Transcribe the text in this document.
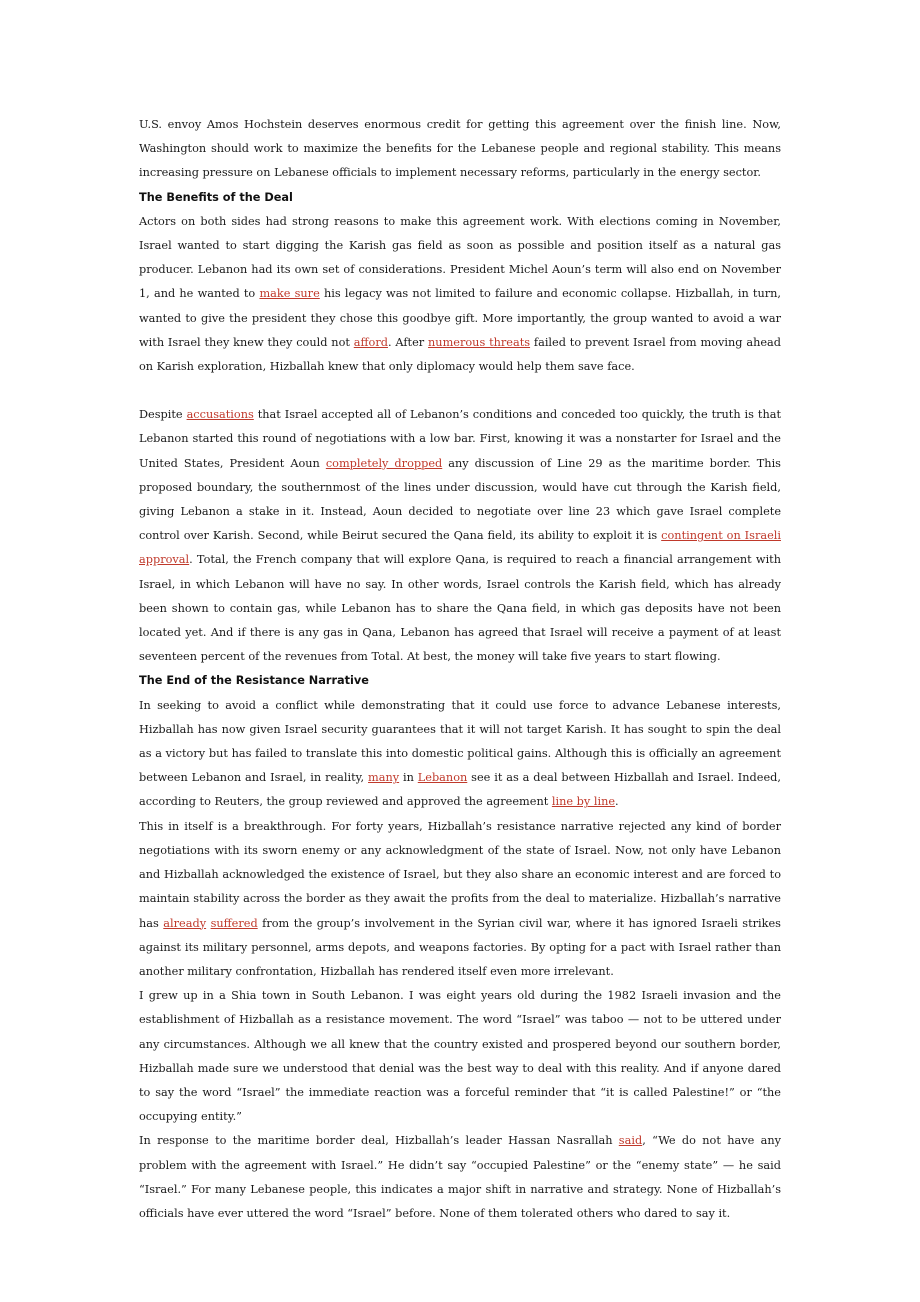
U.S. envoy Amos Hochstein deserves enormous credit for getting this agreement over the finish line. Now, Washington should work to maximize the benefits for the Lebanese people and regional stability. This means increasing pressure on Lebanese officials to implement necessary reforms, particularly in the energy sector.

The Benefits of the Deal

Actors on both sides had strong reasons to make this agreement work. With elections coming in November, Israel wanted to start digging the Karish gas field as soon as possible and position itself as a natural gas producer. Lebanon had its own set of considerations. President Michel Aoun’s term will also end on November 1, and he wanted to make sure his legacy was not limited to failure and economic collapse. Hizballah, in turn, wanted to give the president they chose this goodbye gift. More importantly, the group wanted to avoid a war with Israel they knew they could not afford. After numerous threats failed to prevent Israel from moving ahead on Karish exploration, Hizballah knew that only diplomacy would help them save face.

Despite accusations that Israel accepted all of Lebanon’s conditions and conceded too quickly, the truth is that Lebanon started this round of negotiations with a low bar. First, knowing it was a nonstarter for Israel and the United States, President Aoun completely dropped any discussion of Line 29 as the maritime border. This proposed boundary, the southernmost of the lines under discussion, would have cut through the Karish field, giving Lebanon a stake in it. Instead, Aoun decided to negotiate over line 23 which gave Israel complete control over Karish. Second, while Beirut secured the Qana field, its ability to exploit it is contingent on Israeli approval. Total, the French company that will explore Qana, is required to reach a financial arrangement with Israel, in which Lebanon will have no say. In other words, Israel controls the Karish field, which has already been shown to contain gas, while Lebanon has to share the Qana field, in which gas deposits have not been located yet. And if there is any gas in Qana, Lebanon has agreed that Israel will receive a payment of at least seventeen percent of the revenues from Total. At best, the money will take five years to start flowing.

The End of the Resistance Narrative

In seeking to avoid a conflict while demonstrating that it could use force to advance Lebanese interests, Hizballah has now given Israel security guarantees that it will not target Karish. It has sought to spin the deal as a victory but has failed to translate this into domestic political gains. Although this is officially an agreement between Lebanon and Israel, in reality, many in Lebanon see it as a deal between Hizballah and Israel. Indeed, according to Reuters, the group reviewed and approved the agreement line by line.

This in itself is a breakthrough. For forty years, Hizballah’s resistance narrative rejected any kind of border negotiations with its sworn enemy or any acknowledgment of the state of Israel. Now, not only have Lebanon and Hizballah acknowledged the existence of Israel, but they also share an economic interest and are forced to maintain stability across the border as they await the profits from the deal to materialize. Hizballah’s narrative has already suffered from the group’s involvement in the Syrian civil war, where it has ignored Israeli strikes against its military personnel, arms depots, and weapons factories. By opting for a pact with Israel rather than another military confrontation, Hizballah has rendered itself even more irrelevant.

I grew up in a Shia town in South Lebanon. I was eight years old during the 1982 Israeli invasion and the establishment of Hizballah as a resistance movement. The word “Israel” was taboo — not to be uttered under any circumstances. Although we all knew that the country existed and prospered beyond our southern border, Hizballah made sure we understood that denial was the best way to deal with this reality. And if anyone dared to say the word “Israel” the immediate reaction was a forceful reminder that “it is called Palestine!” or “the occupying entity.”

In response to the maritime border deal, Hizballah’s leader Hassan Nasrallah said, “We do not have any problem with the agreement with Israel.” He didn’t say “occupied Palestine” or the “enemy state” — he said “Israel.” For many Lebanese people, this indicates a major shift in narrative and strategy. None of Hizballah’s officials have ever uttered the word “Israel” before. None of them tolerated others who dared to say it.
